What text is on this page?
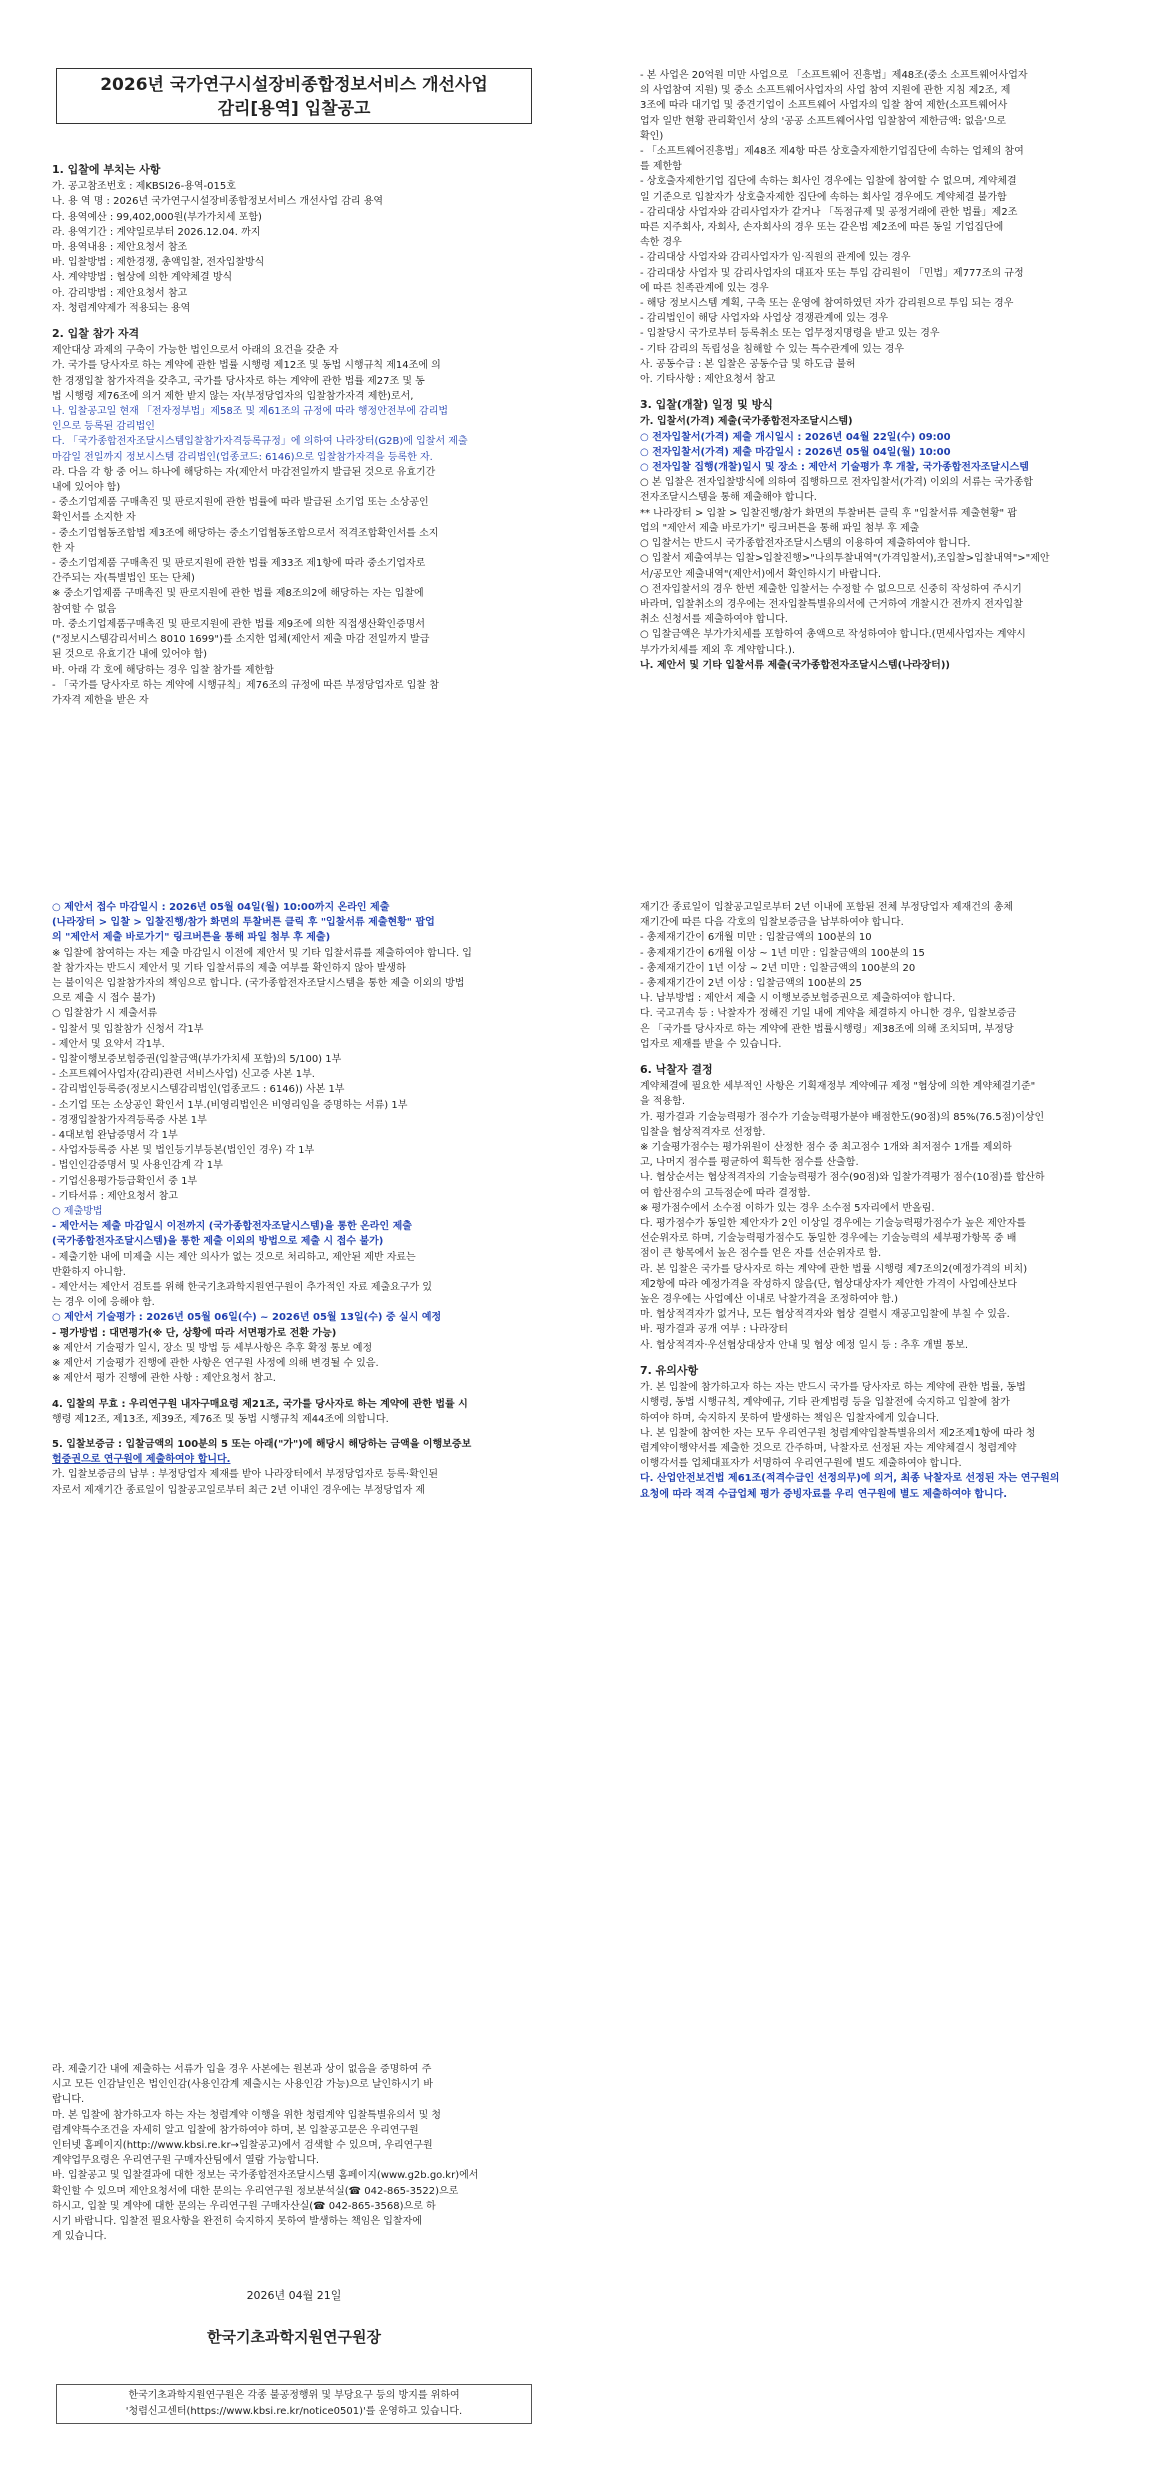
2026년 국가연구시설장비종합정보서비스 개선사업
감리[용역] 입찰공고
1. 입찰에 부치는 사항
가. 공고참조번호 : 제KBSI26-용역-015호
나. 용 역 명 : 2026년 국가연구시설장비종합정보서비스 개선사업 감리 용역
다. 용역예산 : 99,402,000원(부가가치세 포함)
라. 용역기간 : 계약일로부터 2026.12.04. 까지
마. 용역내용 : 제안요청서 참조
바. 입찰방법 : 제한경쟁, 총액입찰, 전자입찰방식
사. 계약방법 : 협상에 의한 계약체결 방식
아. 감리방법 : 제안요청서 참고
자. 청렴계약제가 적용되는 용역
2. 입찰 참가 자격
제안대상 과제의 구축이 가능한 법인으로서 아래의 요건을 갖춘 자
가. 국가를 당사자로 하는 계약에 관한 법률 시행령 제12조 및 동법 시행규칙 제14조에 의
한 경쟁입찰 참가자격을 갖추고, 국가를 당사자로 하는 계약에 관한 법률 제27조 및 동
법 시행령 제76조에 의거 제한 받지 않는 자(부정당업자의 입찰참가자격 제한)로서,
나. 입찰공고일 현재 「전자정부법」제58조 및 제61조의 규정에 따라 행정안전부에 감리법
인으로 등록된 감리법인
다. 「국가종합전자조달시스템입찰참가자격등록규정」에 의하여 나라장터(G2B)에 입찰서 제출
마감일 전일까지 정보시스템 감리법인(업종코드: 6146)으로 입찰참가자격을 등록한 자.
라. 다음 각 항 중 어느 하나에 해당하는 자(제안서 마감전일까지 발급된 것으로 유효기간
내에 있어야 함)
- 중소기업제품 구매촉진 및 판로지원에 관한 법률에 따라 발급된 소기업 또는 소상공인
확인서를 소지한 자
- 중소기업협동조합법 제3조에 해당하는 중소기업협동조합으로서 적격조합확인서를 소지
한 자
- 중소기업제품 구매촉진 및 판로지원에 관한 법률 제33조 제1항에 따라 중소기업자로
간주되는 자(특별법인 또는 단체)
※ 중소기업제품 구매촉진 및 판로지원에 관한 법률 제8조의2에 해당하는 자는 입찰에
참여할 수 없음
마. 중소기업제품구매촉진 및 판로지원에 관한 법률 제9조에 의한 직접생산확인증명서
("정보시스템감리서비스 8010 1699")를 소지한 업체(제안서 제출 마감 전일까지 발급
된 것으로 유효기간 내에 있어야 함)
바. 아래 각 호에 해당하는 경우 입찰 참가를 제한함
- 「국가를 당사자로 하는 계약에 시행규칙」제76조의 규정에 따른 부정당업자로 입찰 참
가자격 제한을 받은 자
- 본 사업은 20억원 미만 사업으로 「소프트웨어 진흥법」제48조(중소 소프트웨어사업자
의 사업참여 지원) 및 중소 소프트웨어사업자의 사업 참여 지원에 관한 지침 제2조, 제
3조에 따라 대기업 및 중견기업이 소프트웨어 사업자의 입찰 참여 제한(소프트웨어사
업자 일반 현황 관리확인서 상의 '공공 소프트웨어사업 입찰참여 제한금액: 없음'으로
확인)
- 「소프트웨어진흥법」제48조 제4항 따른 상호출자제한기업집단에 속하는 업체의 참여
를 제한함
- 상호출자제한기업 집단에 속하는 회사인 경우에는 입찰에 참여할 수 없으며, 계약체결
일 기준으로 입찰자가 상호출자제한 집단에 속하는 회사일 경우에도 계약체결 불가함
- 감리대상 사업자와 감리사업자가 같거나 「독점규제 및 공정거래에 관한 법률」제2조
따른 지주회사, 자회사, 손자회사의 경우 또는 같은법 제2조에 따른 동일 기업집단에
속한 경우
- 감리대상 사업자와 감리사업자가 임·직원의 관계에 있는 경우
- 감리대상 사업자 및 감리사업자의 대표자 또는 투입 감리원이 「민법」제777조의 규정
에 따른 친족관계에 있는 경우
- 해당 정보시스템 계획, 구축 또는 운영에 참여하였던 자가 감리원으로 투입 되는 경우
- 감리법인이 해당 사업자와 사업상 경쟁관계에 있는 경우
- 입찰당시 국가로부터 등록취소 또는 업무정지명령을 받고 있는 경우
- 기타 감리의 독립성을 침해할 수 있는 특수관계에 있는 경우
사. 공동수급 : 본 입찰은 공동수급 및 하도급 불허
아. 기타사항 : 제안요청서 참고
3. 입찰(개찰) 일정 및 방식
가. 입찰서(가격) 제출(국가종합전자조달시스템)
○ 전자입찰서(가격) 제출 개시일시 : 2026년 04월 22일(수) 09:00
○ 전자입찰서(가격) 제출 마감일시 : 2026년 05월 04일(월) 10:00
○ 전자입찰 집행(개찰)일시 및 장소 : 제안서 기술평가 후 개찰, 국가종합전자조달시스템
○ 본 입찰은 전자입찰방식에 의하여 집행하므로 전자입찰서(가격) 이외의 서류는 국가종합
전자조달시스템을 통해 제출해야 합니다.
** 나라장터 > 입찰 > 입찰진행/참가 화면의 투찰버튼 클릭 후 "입찰서류 제출현황" 팝
업의 "제안서 제출 바로가기" 링크버튼을 통해 파일 첨부 후 제출
○ 입찰서는 반드시 국가종합전자조달시스템의 이용하여 제출하여야 합니다.
○ 입찰서 제출여부는 입찰>입찰진행>"나의투찰내역"(가격입찰서),조입찰>입찰내역">"제안
서/공모안 제출내역"(제안서)에서 확인하시기 바랍니다.
○ 전자입찰서의 경우 한번 제출한 입찰서는 수정할 수 없으므로 신중히 작성하여 주시기
바라며, 입찰취소의 경우에는 전자입찰특별유의서에 근거하여 개찰시간 전까지 전자입찰
취소 신청서를 제출하여야 합니다.
○ 입찰금액은 부가가치세를 포함하여 총액으로 작성하여야 합니다.(면세사업자는 계약시
부가가치세를 제외 후 계약합니다.).
나. 제안서 및 기타 입찰서류 제출(국가종합전자조달시스템(나라장터))
○ 제안서 접수 마감일시 : 2026년 05월 04일(월) 10:00까지 온라인 제출
(나라장터 > 입찰 > 입찰진행/참가 화면의 투찰버튼 클릭 후 "입찰서류 제출현황" 팝업
의 "제안서 제출 바로가기" 링크버튼을 통해 파일 첨부 후 제출)
※ 입찰에 참여하는 자는 제출 마감일시 이전에 제안서 및 기타 입찰서류를 제출하여야 합니다. 입
찰 참가자는 반드시 제안서 및 기타 입찰서류의 제출 여부를 확인하지 않아 발생하
는 불이익은 입찰참가자의 책임으로 합니다. (국가종합전자조달시스템을 통한 제출 이외의 방법
으로 제출 시 접수 불가)
○ 입찰참가 시 제출서류
- 입찰서 및 입찰참가 신청서 각1부
- 제안서 및 요약서 각1부.
- 입찰이행보증보험증권(입찰금액(부가가치세 포함)의 5/100) 1부
- 소프트웨어사업자(감리)관련 서비스사업) 신고증 사본 1부.
- 감리법인등록증(정보시스템감리법인(업종코드 : 6146)) 사본 1부
- 소기업 또는 소상공인 확인서 1부.(비영리법인은 비영리임을 증명하는 서류) 1부
- 경쟁입찰참가자격등록증 사본 1부
- 4대보험 완납증명서 각 1부
- 사업자등록증 사본 및 법인등기부등본(법인인 경우) 각 1부
- 법인인감증명서 및 사용인감계 각 1부
- 기업신용평가등급확인서 중 1부
- 기타서류 : 제안요청서 참고
○ 제출방법
- 제안서는 제출 마감일시 이전까지 (국가종합전자조달시스템)을 통한 온라인 제출
(국가종합전자조달시스템)을 통한 제출 이외의 방법으로 제출 시 접수 불가)
- 제출기한 내에 미제출 시는 제안 의사가 없는 것으로 처리하고, 제안된 제반 자료는
반환하지 아니함.
- 제안서는 제안서 검토를 위해 한국기초과학지원연구원이 추가적인 자료 제출요구가 있
는 경우 이에 응해야 함.
○ 제안서 기술평가 : 2026년 05월 06일(수) ~ 2026년 05월 13일(수) 중 실시 예정
- 평가방법 : 대면평가(※ 단, 상황에 따라 서면평가로 전환 가능)
※ 제안서 기술평가 일시, 장소 및 방법 등 세부사항은 추후 확정 통보 예정
※ 제안서 기술평가 진행에 관한 사항은 연구원 사정에 의해 변경될 수 있음.
※ 제안서 평가 진행에 관한 사항 : 제안요청서 참고.
4. 입찰의 무효 : 우리연구원 내자구매요령 제21조, 국가를 당사자로 하는 계약에 관한 법률 시
행령 제12조, 제13조, 제39조, 제76조 및 동법 시행규칙 제44조에 의합니다.
5. 입찰보증금 : 입찰금액의 100분의 5 또는 아래("가")에 해당시 해당하는 금액을 이행보증보
험증권으로 연구원에 제출하여야 합니다.
가. 입찰보증금의 납부 : 부정당업자 제재를 받아 나라장터에서 부정당업자로 등록·확인된
자로서 제재기간 종료일이 입찰공고일로부터 최근 2년 이내인 경우에는 부정당업자 제
재기간 종료일이 입찰공고일로부터 2년 이내에 포함된 전체 부정당업자 제재건의 총체
재기간에 따른 다음 각호의 입찰보증금을 납부하여야 합니다.
- 총제재기간이 6개월 미만 : 입찰금액의 100분의 10
- 총제재기간이 6개월 이상 ~ 1년 미만 : 입찰금액의 100분의 15
- 총제재기간이 1년 이상 ~ 2년 미만 : 입찰금액의 100분의 20
- 총제재기간이 2년 이상 : 입찰금액의 100분의 25
나. 납부방법 : 제안서 제출 시 이행보증보험증권으로 제출하여야 합니다.
다. 국고귀속 등 : 낙찰자가 정해진 기일 내에 계약을 체결하지 아니한 경우, 입찰보증금
은 「국가를 당사자로 하는 계약에 관한 법률시행령」제38조에 의해 조치되며, 부정당
업자로 제재를 받을 수 있습니다.
6. 낙찰자 결정
계약체결에 필요한 세부적인 사항은 기획재정부 계약예규 제정 "협상에 의한 계약체결기준"
을 적용함.
가. 평가결과 기술능력평가 점수가 기술능력평가분야 배점한도(90점)의 85%(76.5점)이상인
입찰을 협상적격자로 선정함.
※ 기술평가점수는 평가위원이 산정한 점수 중 최고점수 1개와 최저점수 1개를 제외하
고, 나머지 점수를 평균하여 획득한 점수를 산출함.
나. 협상순서는 협상적격자의 기술능력평가 점수(90점)와 입찰가격평가 점수(10점)를 합산하
여 합산점수의 고득점순에 따라 결정함.
※ 평가점수에서 소수점 이하가 있는 경우 소수점 5자리에서 반올림.
다. 평가점수가 동일한 제안자가 2인 이상일 경우에는 기술능력평가점수가 높은 제안자를
선순위자로 하며, 기술능력평가점수도 동일한 경우에는 기술능력의 세부평가항목 중 배
점이 큰 항목에서 높은 점수를 얻은 자를 선순위자로 함.
라. 본 입찰은 국가를 당사자로 하는 계약에 관한 법률 시행령 제7조의2(예정가격의 비치)
제2항에 따라 예정가격을 작성하지 않음(단, 협상대상자가 제안한 가격이 사업예산보다
높은 경우에는 사업예산 이내로 낙찰가격을 조정하여야 함.)
마. 협상적격자가 없거나, 모든 협상적격자와 협상 결렬시 재공고입찰에 부칠 수 있음.
바. 평가결과 공개 여부 : 나라장터
사. 협상적격자·우선협상대상자 안내 및 협상 예정 일시 등 : 추후 개별 통보.
7. 유의사항
가. 본 입찰에 참가하고자 하는 자는 반드시 국가를 당사자로 하는 계약에 관한 법률, 동법
시행령, 동법 시행규칙, 계약예규, 기타 관계법령 등을 입찰전에 숙지하고 입찰에 참가
하여야 하며, 숙지하지 못하여 발생하는 책임은 입찰자에게 있습니다.
나. 본 입찰에 참여한 자는 모두 우리연구원 청렴계약입찰특별유의서 제2조제1항에 따라 청
렴계약이행약서를 제출한 것으로 간주하며, 낙찰자로 선정된 자는 계약체결시 청렴계약
이행각서를 업체대표자가 서명하여 우리연구원에 별도 제출하여야 합니다.
다. 산업안전보건법 제61조(적격수급인 선정의무)에 의거, 최종 낙찰자로 선정된 자는 연구원의
요청에 따라 적격 수급업체 평가 증빙자료를 우리 연구원에 별도 제출하여야 합니다.
라. 제출기간 내에 제출하는 서류가 입을 경우 사본에는 원본과 상이 없음을 증명하여 주
시고 모든 인감날인은 법인인감(사용인감계 제출시는 사용인감 가능)으로 날인하시기 바
랍니다.
마. 본 입찰에 참가하고자 하는 자는 청렴계약 이행을 위한 청렴계약 입찰특별유의서 및 청
렴계약특수조건을 자세히 알고 입찰에 참가하여야 하며, 본 입찰공고문은 우리연구원
인터넷 홈페이지(http://www.kbsi.re.kr→입찰공고)에서 검색할 수 있으며, 우리연구원
계약업무요령은 우리연구원 구매자산팀에서 열람 가능합니다.
바. 입찰공고 및 입찰결과에 대한 정보는 국가종합전자조달시스템 홈페이지(www.g2b.go.kr)에서
확인할 수 있으며 제안요청서에 대한 문의는 우리연구원 정보분석실(☎ 042-865-3522)으로
하시고, 입찰 및 계약에 대한 문의는 우리연구원 구매자산실(☎ 042-865-3568)으로 하
시기 바랍니다. 입찰전 필요사항을 완전히 숙지하지 못하여 발생하는 책임은 입찰자에
게 있습니다.
2026년 04월 21일
한국기초과학지원연구원장
한국기초과학지원연구원은 각종 불공정행위 및 부당요구 등의 방지를 위하여
'청렴신고센터(https://www.kbsi.re.kr/notice0501)'를 운영하고 있습니다.
